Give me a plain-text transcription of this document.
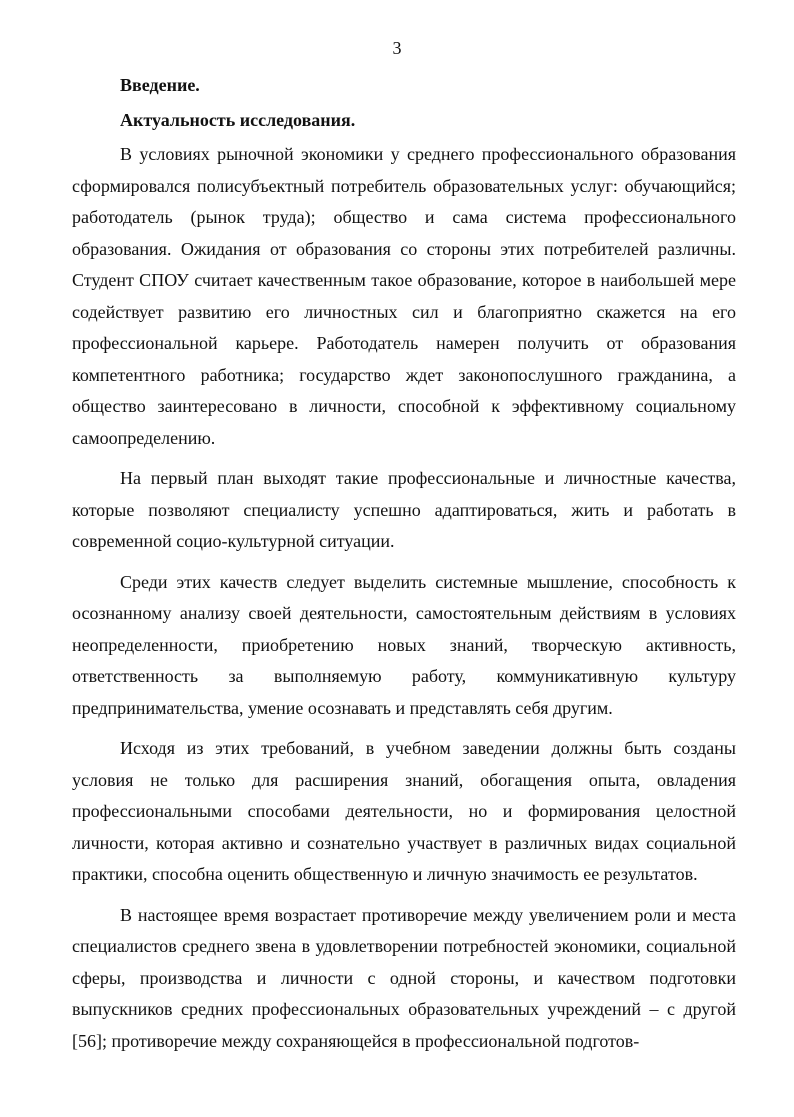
3

Введение.

Актуальность исследования.

В условиях рыночной экономики у среднего профессионального образования сформировался полисубъектный потребитель образовательных услуг: обучающийся; работодатель (рынок труда); общество и сама система профессионального образования. Ожидания от образования со стороны этих потребителей различны. Студент СПОУ считает качественным такое образование, которое в наибольшей мере содействует развитию его личностных сил и благоприятно скажется на его профессиональной карьере. Работодатель намерен получить от образования компетентного работника; государство ждет законопослушного гражданина, а общество заинтересовано в личности, способной к эффективному социальному самоопределению.

На первый план выходят такие профессиональные и личностные качества, которые позволяют специалисту успешно адаптироваться, жить и работать в современной социо-культурной ситуации.

Среди этих качеств следует выделить системные мышление, способность к осознанному анализу своей деятельности, самостоятельным действиям в условиях неопределенности, приобретению новых знаний, творческую активность, ответственность за выполняемую работу, коммуникативную культуру предпринимательства, умение осознавать и представлять себя другим.

Исходя из этих требований, в учебном заведении должны быть созданы условия не только для расширения знаний, обогащения опыта, овладения профессиональными способами деятельности, но и формирования целостной личности, которая активно и сознательно участвует в различных видах социальной практики, способна оценить общественную и личную значимость ее результатов.

В настоящее время возрастает противоречие между увеличением роли и места специалистов среднего звена в удовлетворении потребностей экономики, социальной сферы, производства и личности с одной стороны, и качеством подготовки выпускников средних профессиональных образовательных учреждений – с другой [56]; противоречие между сохраняющейся в профессиональной подготов-
